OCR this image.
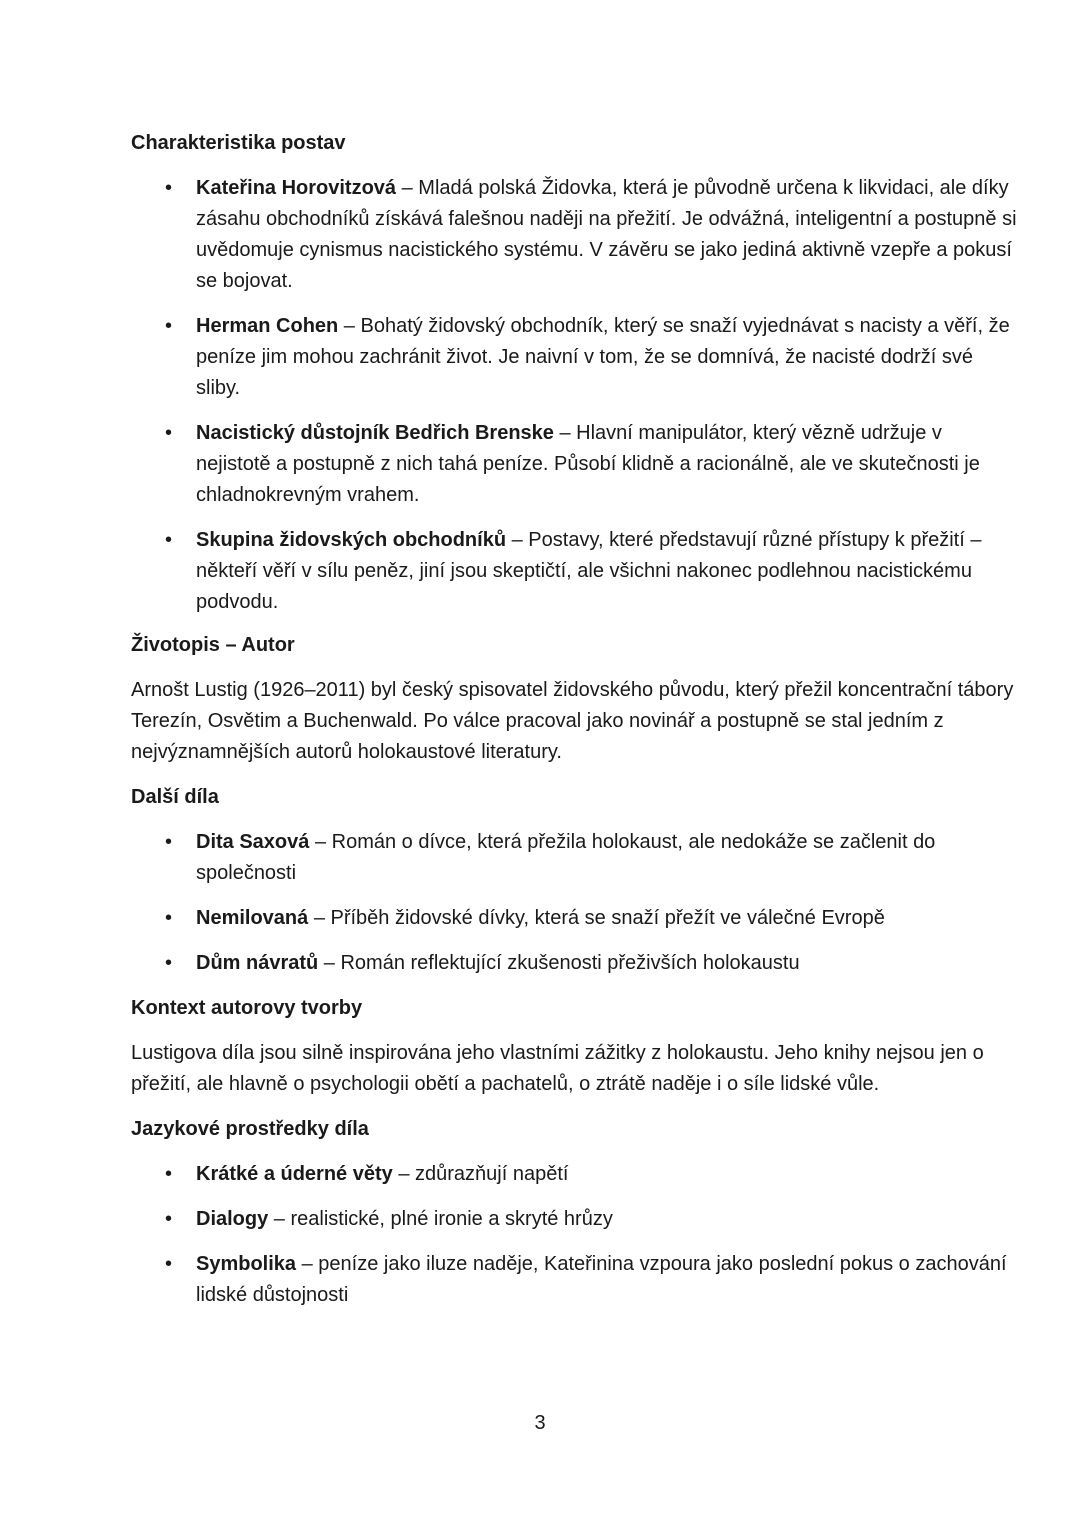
Charakteristika postav
• Kateřina Horovitzová – Mladá polská Židovka, která je původně určena k likvidaci, ale díky zásahu obchodníků získává falešnou naději na přežití. Je odvážná, inteligentní a postupně si uvědomuje cynismus nacistického systému. V závěru se jako jediná aktivně vzepře a pokusí se bojovat.
• Herman Cohen – Bohatý židovský obchodník, který se snaží vyjednávat s nacisty a věří, že peníze jim mohou zachránit život. Je naivní v tom, že se domnívá, že nacisté dodrží své sliby.
• Nacistický důstojník Bedřich Brenske – Hlavní manipulátor, který vězně udržuje v nejistotě a postupně z nich tahá peníze. Působí klidně a racionálně, ale ve skutečnosti je chladnokrevným vrahem.
• Skupina židovských obchodníků – Postavy, které představují různé přístupy k přežití – někteří věří v sílu peněz, jiní jsou skeptičtí, ale všichni nakonec podlehnou nacistickému podvodu.
Životopis – Autor

Arnošt Lustig (1926–2011) byl český spisovatel židovského původu, který přežil koncentrační tábory Terezín, Osvětim a Buchenwald. Po válce pracoval jako novinář a postupně se stal jedním z nejvýznamnějších autorů holokaustové literatury.

Další díla
• Dita Saxová – Román o dívce, která přežila holokaust, ale nedokáže se začlenit do společnosti
• Nemilovaná – Příběh židovské dívky, která se snaží přežít ve válečné Evropě
• Dům návratů – Román reflektující zkušenosti přeživších holokaustu
Kontext autorovy tvorby

Lustigova díla jsou silně inspirována jeho vlastními zážitky z holokaustu. Jeho knihy nejsou jen o přežití, ale hlavně o psychologii obětí a pachatelů, o ztrátě naděje i o síle lidské vůle.

Jazykové prostředky díla
• Krátké a úderné věty – zdůrazňují napětí
• Dialogy – realistické, plné ironie a skryté hrůzy
• Symbolika – peníze jako iluze naděje, Kateřinina vzpoura jako poslední pokus o zachování lidské důstojnosti
3
